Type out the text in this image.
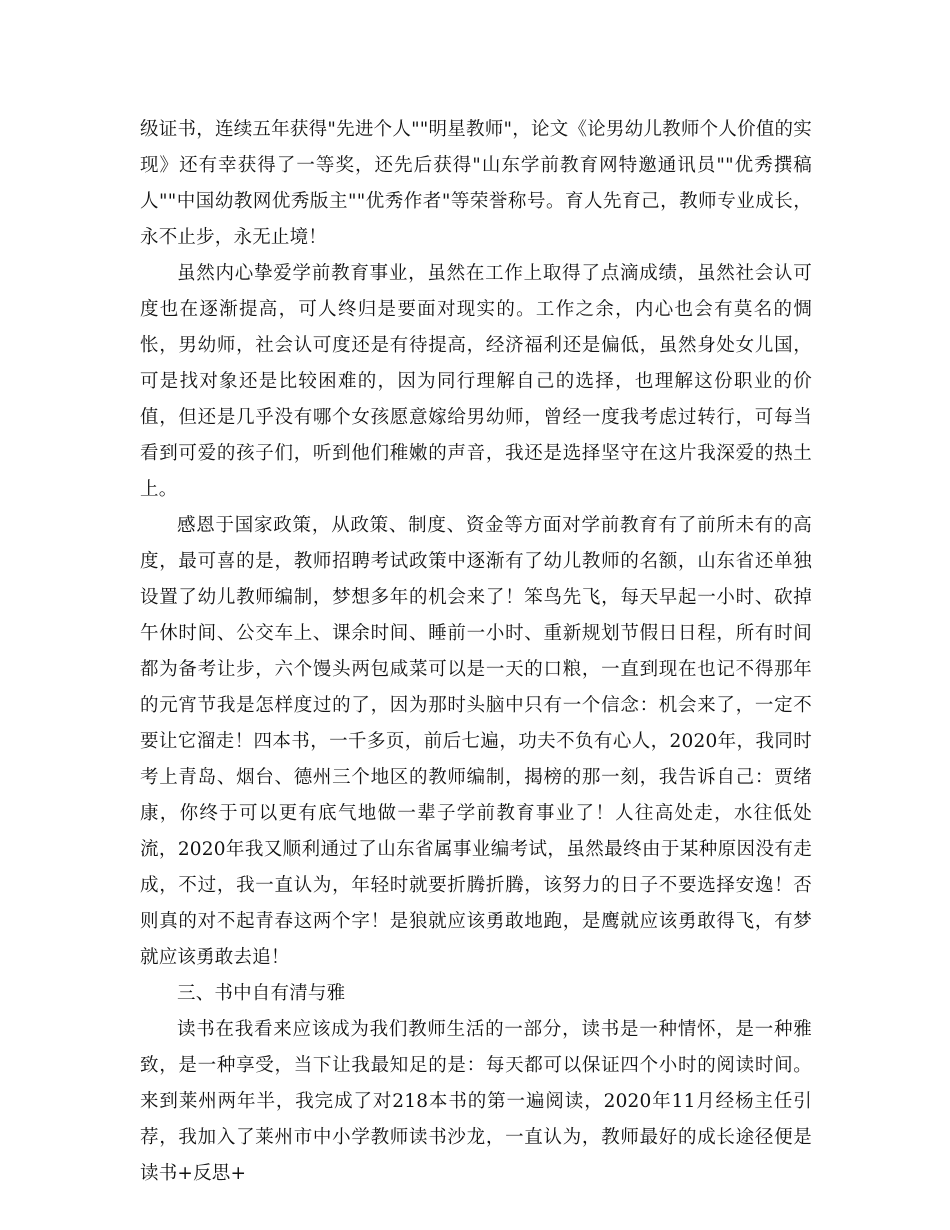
级证书，连续五年获得"先进个人""明星教师"，论文《论男幼儿教师个人价值的实现》还有幸获得了一等奖，还先后获得"山东学前教育网特邀通讯员""优秀撰稿人""中国幼教网优秀版主""优秀作者"等荣誉称号。育人先育己，教师专业成长，永不止步，永无止境！

虽然内心挚爱学前教育事业，虽然在工作上取得了点滴成绩，虽然社会认可度也在逐渐提高，可人终归是要面对现实的。工作之余，内心也会有莫名的惆怅，男幼师，社会认可度还是有待提高，经济福利还是偏低，虽然身处女儿国，可是找对象还是比较困难的，因为同行理解自己的选择，也理解这份职业的价值，但还是几乎没有哪个女孩愿意嫁给男幼师，曾经一度我考虑过转行，可每当看到可爱的孩子们，听到他们稚嫩的声音，我还是选择坚守在这片我深爱的热土上。

感恩于国家政策，从政策、制度、资金等方面对学前教育有了前所未有的高度，最可喜的是，教师招聘考试政策中逐渐有了幼儿教师的名额，山东省还单独设置了幼儿教师编制，梦想多年的机会来了！笨鸟先飞，每天早起一小时、砍掉午休时间、公交车上、课余时间、睡前一小时、重新规划节假日日程，所有时间都为备考让步，六个馒头两包咸菜可以是一天的口粮，一直到现在也记不得那年的元宵节我是怎样度过的了，因为那时头脑中只有一个信念：机会来了，一定不要让它溜走！四本书，一千多页，前后七遍，功夫不负有心人，2020年，我同时考上青岛、烟台、德州三个地区的教师编制，揭榜的那一刻，我告诉自己：贾绪康，你终于可以更有底气地做一辈子学前教育事业了！人往高处走，水往低处流，2020年我又顺利通过了山东省属事业编考试，虽然最终由于某种原因没有走成，不过，我一直认为，年轻时就要折腾折腾，该努力的日子不要选择安逸！否则真的对不起青春这两个字！是狼就应该勇敢地跑，是鹰就应该勇敢得飞，有梦就应该勇敢去追！

三、书中自有清与雅

读书在我看来应该成为我们教师生活的一部分，读书是一种情怀，是一种雅致，是一种享受，当下让我最知足的是：每天都可以保证四个小时的阅读时间。来到莱州两年半，我完成了对218本书的第一遍阅读，2020年11月经杨主任引荐，我加入了莱州市中小学教师读书沙龙，一直认为，教师最好的成长途径便是读书+反思+
